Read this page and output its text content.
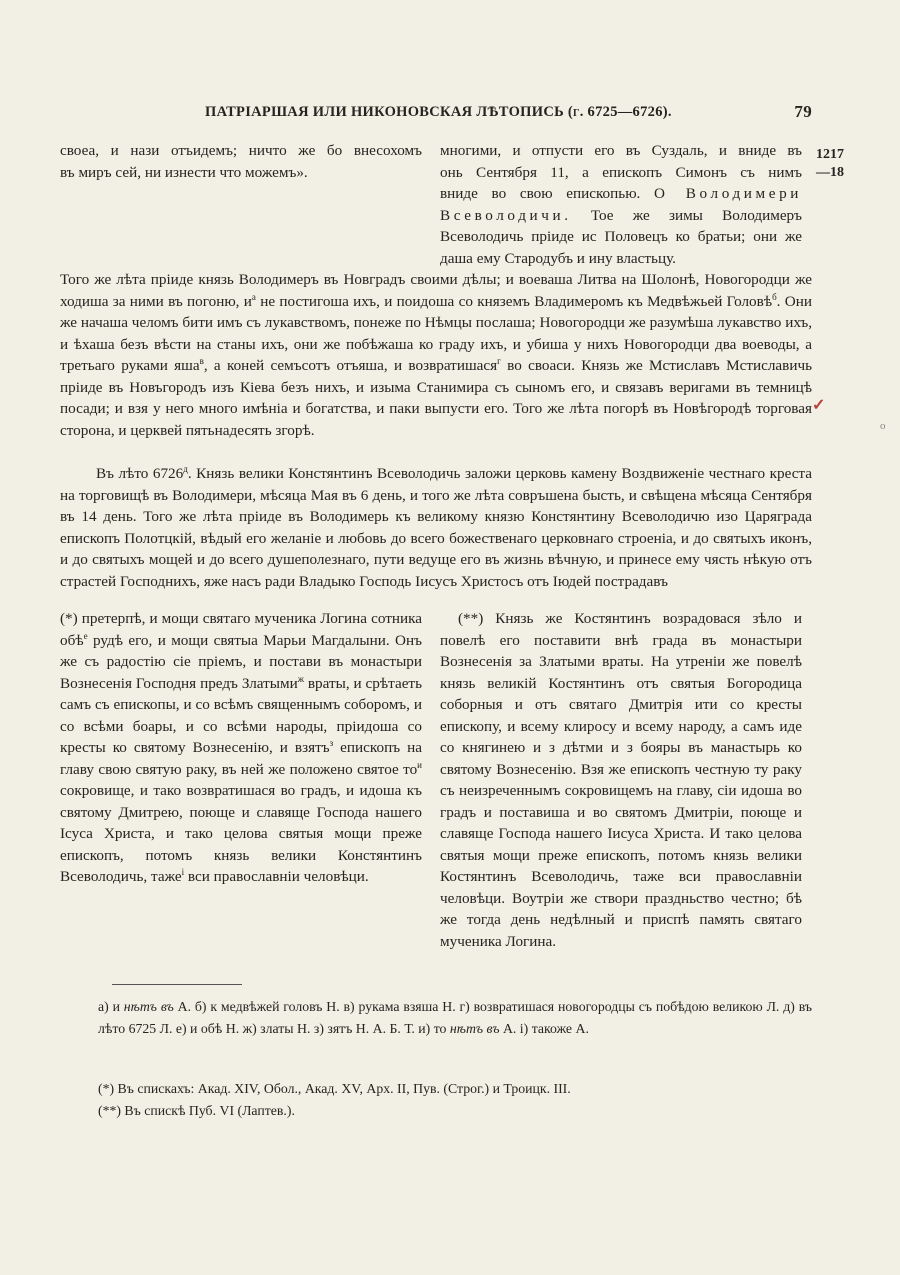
ПАТРІАРШАЯ ИЛИ НИКОНОВСКАЯ ЛѢТОПИСЬ (г. 6725—6726).	79
своеа, и нази отъидемъ; ничто же бо внесохомъ
въ миръ сей, ни изнести что можемъ».
многими, и отпусти его въ Суздаль, и вниде въ
онь Сентября 11, а епископъ Симонъ съ нимъ
вниде во свою епископью. О Володимери Всеволодичи. Тое же зимы Володимеръ Всеволодичь пріиде ис Половецъ ко братьи; они же даша ему Стародубъ и ину властьцу.
Того же лѣта пріиде князь Володимеръ въ Новградъ своими дѣлы; и воеваша Литва на Шолонѣ, Новогородци же ходиша за ними въ погоню, $и^а$ не постигоша ихъ, и поидоша со княземъ Владимеромъ къ Медвѣжьей Головѣ$^б$. Они же начаша челомъ бити имъ съ лукавствомъ, понеже по Нѣмцы послаша; Новогородци же разумѣша лукавство ихъ, и ѣхаша безъ вѣсти на станы ихъ, они же побѣжаша ко граду ихъ, и убиша у нихъ Новогородци два воеводы, а третьаго руками яша$^в$, а коней семъсотъ отъяша, и возвратишася$^г$ во своаси. Князь же Мстиславъ Мстиславичь пріиде въ Новъгородъ изъ Кіева безъ нихъ, и изыма Станимира съ сыномъ его, и связавъ веригами въ темницѣ посади; и взя у него много имѣніа и богатства, и паки выпусти его. Того же лѣта погорѣ въ Новѣгородѣ торговая сторона, и церквей пятьнадесять згорѣ.
Въ лѣто $6726^д$. Князь велики Констянтинъ Всеволодичь заложи церковь камену Воздвиженіе честнаго креста на торговищѣ въ Володимери, мѣсяца Мая въ 6 день, и того же лѣта совръшена бысть, и свѣщена мѣсяца Сентября въ 14 день. Того же лѣта пріиде въ Володимерь къ великому князю Констянтину Всеволодичю изо Царяграда епископъ Полотцкій, вѣдый его желаніе и любовь до всего божественаго церковнаго строеніа, и до святыхъ иконъ, и до святыхъ мощей и до всего душеполезнаго, пути ведуще его въ жизнь вѣчную, и принесе ему чясть нѣкую отъ страстей Господнихъ, яже насъ ради Владыко Господь Іисусъ Христосъ отъ Іюдей пострадавъ
(*) претерпѣ, и мощи святаго мученика Логина сотника обѣ$^е$ рудѣ его, и мощи святыа Марьи Магдалыни. Онъ же съ радостію сіе пріемъ, и постави въ монастыри Вознесенія Господня предъ Златыми$^ж$ враты, и срѣтаеть самъ съ епископы, и со всѣмъ священнымъ соборомъ, и со всѣми боары, и со всѣми народы, пріидоша со кресты ко святому Вознесенію, и взятъ$^з$ епископъ на главу свою святую раку, въ ней же положено святое $то^и$ сокровище, и тако возвратишася во градъ, и идоша къ святому Дмитрею, поюще и славяще Господа нашего Ісуса Христа, и тако целова святыя мощи преже епископъ, потомъ князь велики Констянтинъ Всеволодичь, таже$^і$ вси православніи человѣци.
(**) Князь же Костянтинъ возрадовася зѣло и повелѣ его поставити внѣ града въ монастыри Вознесенія за Златыми враты. На утреніи же повелѣ князь великій Костянтинъ отъ святыя Богородица соборныя и отъ святаго Дмитрія ити со кресты епископу, и всему клиросу и всему народу, а самъ иде со княгинею и з дѣтми и з бояры въ манастырь ко святому Вознесенію. Взя же епископъ честную ту раку съ неизреченнымъ сокровищемъ на главу, сіи идоша во градъ и поставиша и во святомъ Дмитріи, поюще и славяще Господа нашего Іисуса Христа. И тако целова святыя мощи преже епископъ, потомъ князь велики Костянтинъ Всеволодичь, таже вси православніи человѣци. Воутріи же створи праздньство честно; бѣ же тогда день недѣлный и приспѣ память святаго мученика Логина.
1217
—18
✓
о
а) и нѣтъ въ А. б) к медвѣжей головъ Н. в) рукама взяша Н. г) возвратишася новогородцы съ побѣдою великою Л. д) въ лѣто 6725 Л. е) и обѣ Н. ж) златы Н. з) зятъ Н. А. Б. Т. и) то нѣтъ въ А. і) такоже А.
(*) Въ спискахъ: Акад. XIV, Обол., Акад. XV, Арх. II, Пув. (Строг.) и Троицк. III.
(**) Въ спискѣ Пуб. VI (Лаптев.).
